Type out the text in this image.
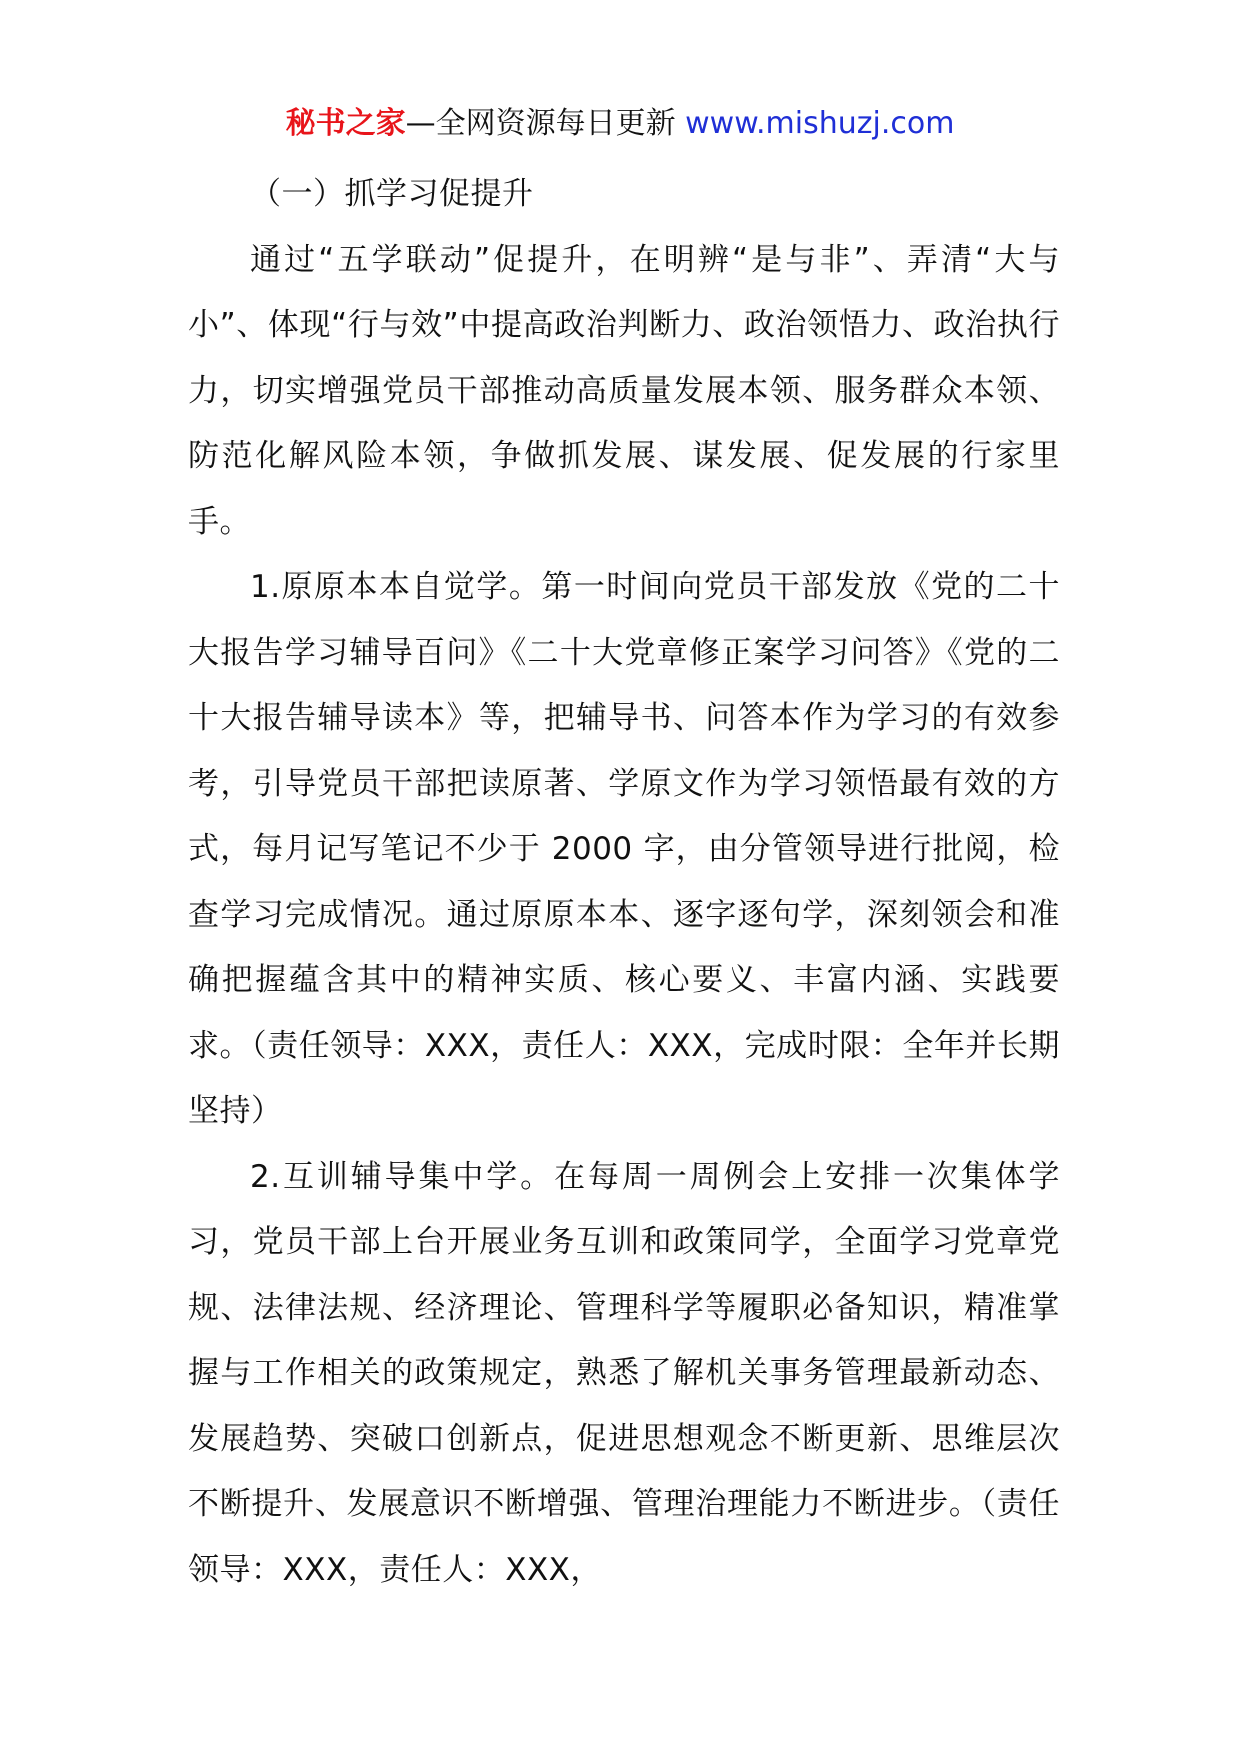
秘书之家—全网资源每日更新 www.mishuzj.com

（一）抓学习促提升

通过“五学联动”促提升，在明辨“是与非”、弄清“大与小”、体现“行与效”中提高政治判断力、政治领悟力、政治执行力，切实增强党员干部推动高质量发展本领、服务群众本领、防范化解风险本领，争做抓发展、谋发展、促发展的行家里手。

1.原原本本自觉学。第一时间向党员干部发放《党的二十大报告学习辅导百问》《二十大党章修正案学习问答》《党的二十大报告辅导读本》等，把辅导书、问答本作为学习的有效参考，引导党员干部把读原著、学原文作为学习领悟最有效的方式，每月记写笔记不少于 2000 字，由分管领导进行批阅，检查学习完成情况。通过原原本本、逐字逐句学，深刻领会和准确把握蕴含其中的精神实质、核心要义、丰富内涵、实践要求。（责任领导：XXX，责任人：XXX，完成时限：全年并长期坚持）

2.互训辅导集中学。在每周一周例会上安排一次集体学习，党员干部上台开展业务互训和政策同学，全面学习党章党规、法律法规、经济理论、管理科学等履职必备知识，精准掌握与工作相关的政策规定，熟悉了解机关事务管理最新动态、发展趋势、突破口创新点，促进思想观念不断更新、思维层次不断提升、发展意识不断增强、管理治理能力不断进步。（责任领导：XXX，责任人：XXX，
